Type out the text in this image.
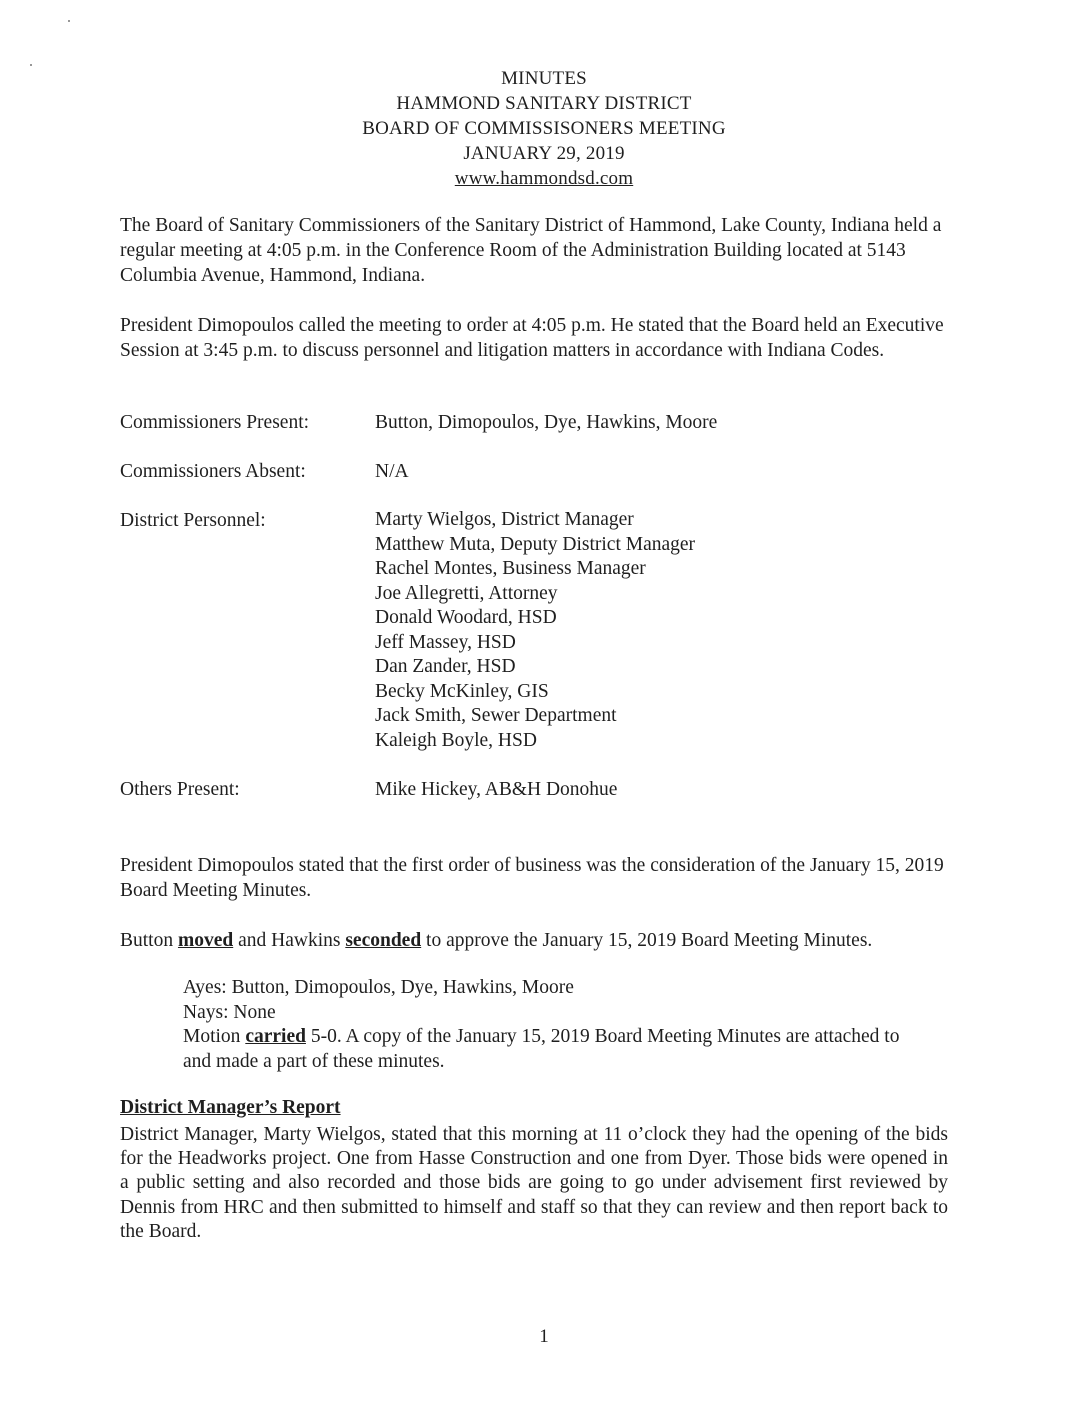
MINUTES
HAMMOND SANITARY DISTRICT
BOARD OF COMMISSISONERS MEETING
JANUARY 29, 2019
www.hammondsd.com
The Board of Sanitary Commissioners of the Sanitary District of Hammond, Lake County, Indiana held a regular meeting at 4:05 p.m. in the Conference Room of the Administration Building located at 5143 Columbia Avenue, Hammond, Indiana.
President Dimopoulos called the meeting to order at 4:05 p.m. He stated that the Board held an Executive Session at 3:45 p.m. to discuss personnel and litigation matters in accordance with Indiana Codes.
Commissioners Present:	Button, Dimopoulos, Dye, Hawkins, Moore
Commissioners Absent:	N/A
District Personnel:	Marty Wielgos, District Manager
Matthew Muta, Deputy District Manager
Rachel Montes, Business Manager
Joe Allegretti, Attorney
Donald Woodard, HSD
Jeff Massey, HSD
Dan Zander, HSD
Becky McKinley, GIS
Jack Smith, Sewer Department
Kaleigh Boyle, HSD
Others Present:	Mike Hickey, AB&H Donohue
President Dimopoulos stated that the first order of business was the consideration of the January 15, 2019 Board Meeting Minutes.
Button moved and Hawkins seconded to approve the January 15, 2019 Board Meeting Minutes.
Ayes: Button, Dimopoulos, Dye, Hawkins, Moore
Nays: None
Motion carried 5-0. A copy of the January 15, 2019 Board Meeting Minutes are attached to and made a part of these minutes.
District Manager’s Report
District Manager, Marty Wielgos, stated that this morning at 11 o’clock they had the opening of the bids for the Headworks project. One from Hasse Construction and one from Dyer. Those bids were opened in a public setting and also recorded and those bids are going to go under advisement first reviewed by Dennis from HRC and then submitted to himself and staff so that they can review and then report back to the Board.
1
